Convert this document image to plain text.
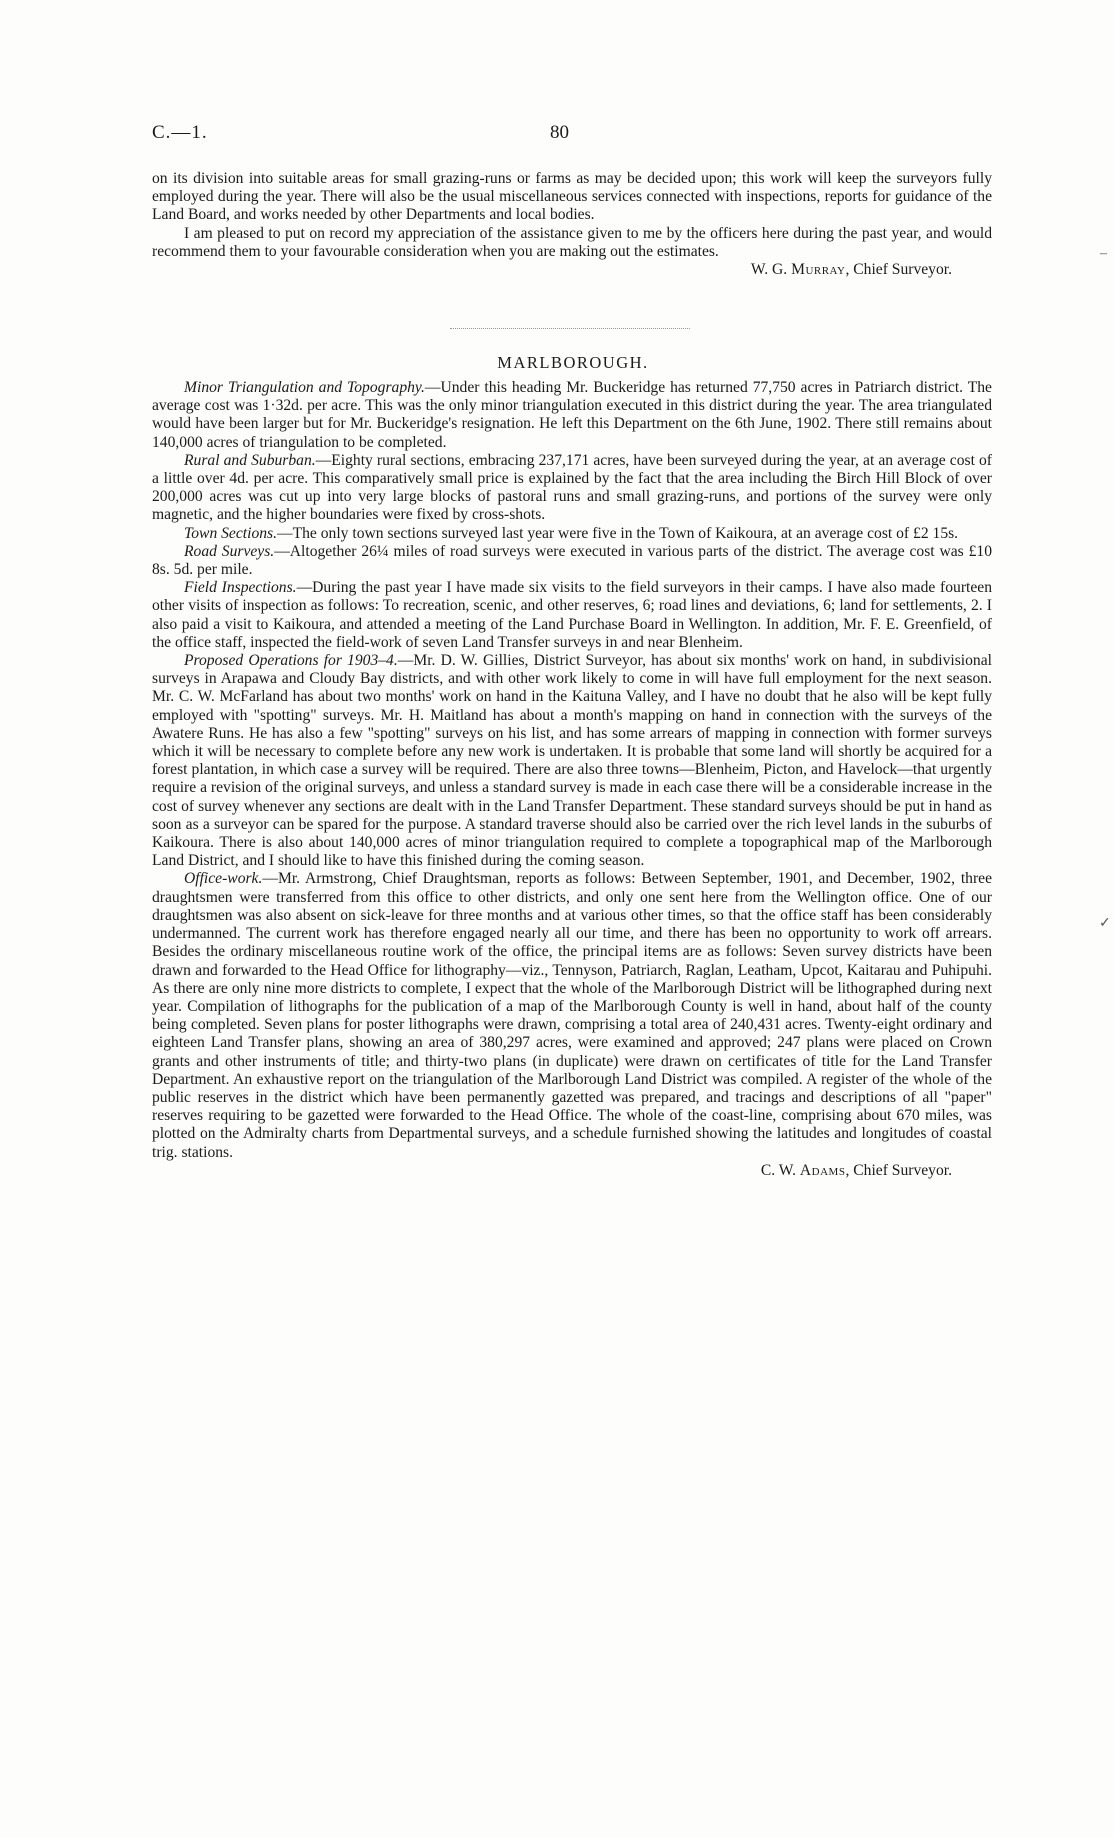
C.—1.	80

on its division into suitable areas for small grazing-runs or farms as may be decided upon; this work will keep the surveyors fully employed during the year. There will also be the usual miscellaneous services connected with inspections, reports for guidance of the Land Board, and works needed by other Departments and local bodies.

I am pleased to put on record my appreciation of the assistance given to me by the officers here during the past year, and would recommend them to your favourable consideration when you are making out the estimates.

W. G. Murray, Chief Surveyor.

MARLBOROUGH.

Minor Triangulation and Topography.—Under this heading Mr. Buckeridge has returned 77,750 acres in Patriarch district. The average cost was 1·32d. per acre. This was the only minor triangulation executed in this district during the year. The area triangulated would have been larger but for Mr. Buckeridge's resignation. He left this Department on the 6th June, 1902. There still remains about 140,000 acres of triangulation to be completed.

Rural and Suburban.—Eighty rural sections, embracing 237,171 acres, have been surveyed during the year, at an average cost of a little over 4d. per acre. This comparatively small price is explained by the fact that the area including the Birch Hill Block of over 200,000 acres was cut up into very large blocks of pastoral runs and small grazing-runs, and portions of the survey were only magnetic, and the higher boundaries were fixed by cross-shots.

Town Sections.—The only town sections surveyed last year were five in the Town of Kaikoura, at an average cost of £2 15s.

Road Surveys.—Altogether 26¼ miles of road surveys were executed in various parts of the district. The average cost was £10 8s. 5d. per mile.

Field Inspections.—During the past year I have made six visits to the field surveyors in their camps. I have also made fourteen other visits of inspection as follows: To recreation, scenic, and other reserves, 6; road lines and deviations, 6; land for settlements, 2. I also paid a visit to Kaikoura, and attended a meeting of the Land Purchase Board in Wellington. In addition, Mr. F. E. Greenfield, of the office staff, inspected the field-work of seven Land Transfer surveys in and near Blenheim.

Proposed Operations for 1903–4.—Mr. D. W. Gillies, District Surveyor, has about six months' work on hand, in subdivisional surveys in Arapawa and Cloudy Bay districts, and with other work likely to come in will have full employment for the next season. Mr. C. W. McFarland has about two months' work on hand in the Kaituna Valley, and I have no doubt that he also will be kept fully employed with "spotting" surveys. Mr. H. Maitland has about a month's mapping on hand in connection with the surveys of the Awatere Runs. He has also a few "spotting" surveys on his list, and has some arrears of mapping in connection with former surveys which it will be necessary to complete before any new work is undertaken. It is probable that some land will shortly be acquired for a forest plantation, in which case a survey will be required. There are also three towns—Blenheim, Picton, and Havelock—that urgently require a revision of the original surveys, and unless a standard survey is made in each case there will be a considerable increase in the cost of survey whenever any sections are dealt with in the Land Transfer Department. These standard surveys should be put in hand as soon as a surveyor can be spared for the purpose. A standard traverse should also be carried over the rich level lands in the suburbs of Kaikoura. There is also about 140,000 acres of minor triangulation required to complete a topographical map of the Marlborough Land District, and I should like to have this finished during the coming season.

Office-work.—Mr. Armstrong, Chief Draughtsman, reports as follows: Between September, 1901, and December, 1902, three draughtsmen were transferred from this office to other districts, and only one sent here from the Wellington office. One of our draughtsmen was also absent on sick-leave for three months and at various other times, so that the office staff has been considerably undermanned. The current work has therefore engaged nearly all our time, and there has been no opportunity to work off arrears. Besides the ordinary miscellaneous routine work of the office, the principal items are as follows: Seven survey districts have been drawn and forwarded to the Head Office for lithography—viz., Tennyson, Patriarch, Raglan, Leatham, Upcot, Kaitarau and Puhipuhi. As there are only nine more districts to complete, I expect that the whole of the Marlborough District will be lithographed during next year. Compilation of lithographs for the publication of a map of the Marlborough County is well in hand, about half of the county being completed. Seven plans for poster lithographs were drawn, comprising a total area of 240,431 acres. Twenty-eight ordinary and eighteen Land Transfer plans, showing an area of 380,297 acres, were examined and approved; 247 plans were placed on Crown grants and other instruments of title; and thirty-two plans (in duplicate) were drawn on certificates of title for the Land Transfer Department. An exhaustive report on the triangulation of the Marlborough Land District was compiled. A register of the whole of the public reserves in the district which have been permanently gazetted was prepared, and tracings and descriptions of all "paper" reserves requiring to be gazetted were forwarded to the Head Office. The whole of the coast-line, comprising about 670 miles, was plotted on the Admiralty charts from Departmental surveys, and a schedule furnished showing the latitudes and longitudes of coastal trig. stations.

C. W. Adams, Chief Surveyor.

–
✓
